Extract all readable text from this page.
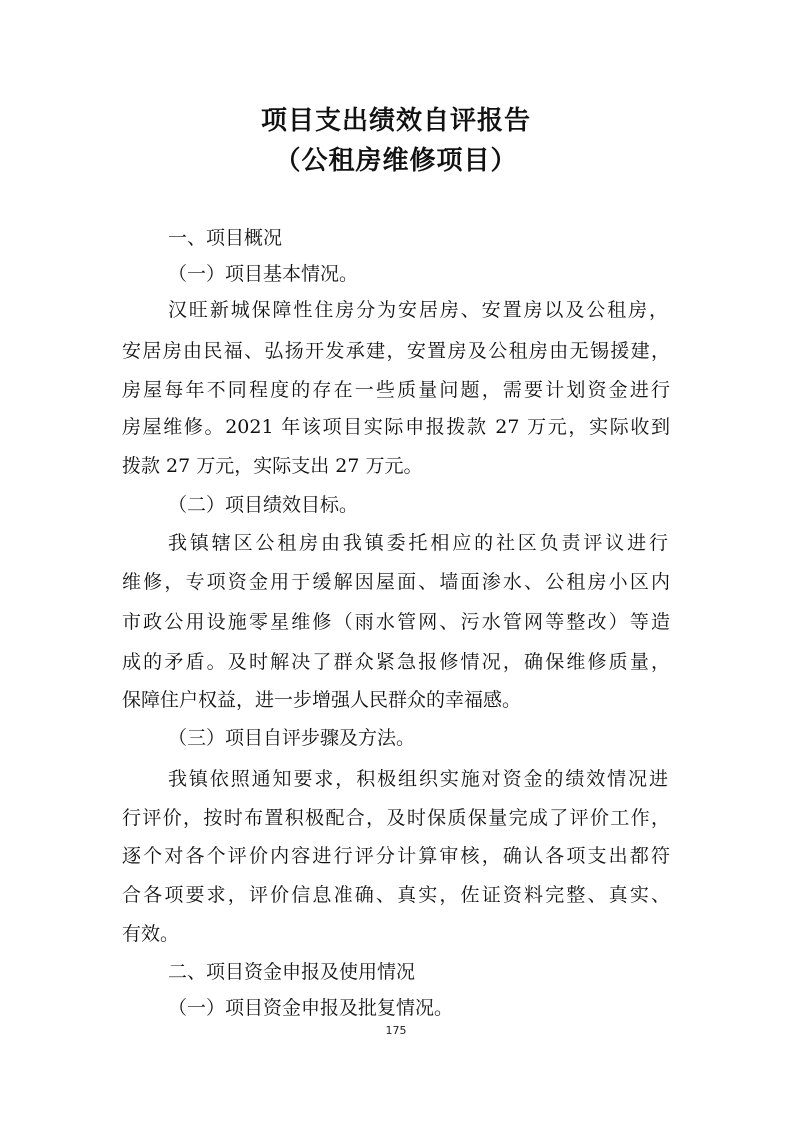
项目支出绩效自评报告
（公租房维修项目）

一、项目概况

（一）项目基本情况。

汉旺新城保障性住房分为安居房、安置房以及公租房，

安居房由民福、弘扬开发承建，安置房及公租房由无锡援建，

房屋每年不同程度的存在一些质量问题，需要计划资金进行

房屋维修。2021 年该项目实际申报拨款 27 万元，实际收到

拨款 27 万元，实际支出 27 万元。

（二）项目绩效目标。

我镇辖区公租房由我镇委托相应的社区负责评议进行

维修，专项资金用于缓解因屋面、墙面渗水、公租房小区内

市政公用设施零星维修（雨水管网、污水管网等整改）等造

成的矛盾。及时解决了群众紧急报修情况，确保维修质量，

保障住户权益，进一步增强人民群众的幸福感。

（三）项目自评步骤及方法。

我镇依照通知要求，积极组织实施对资金的绩效情况进

行评价，按时布置积极配合，及时保质保量完成了评价工作，

逐个对各个评价内容进行评分计算审核，确认各项支出都符

合各项要求，评价信息准确、真实，佐证资料完整、真实、

有效。

二、项目资金申报及使用情况

（一）项目资金申报及批复情况。

175
